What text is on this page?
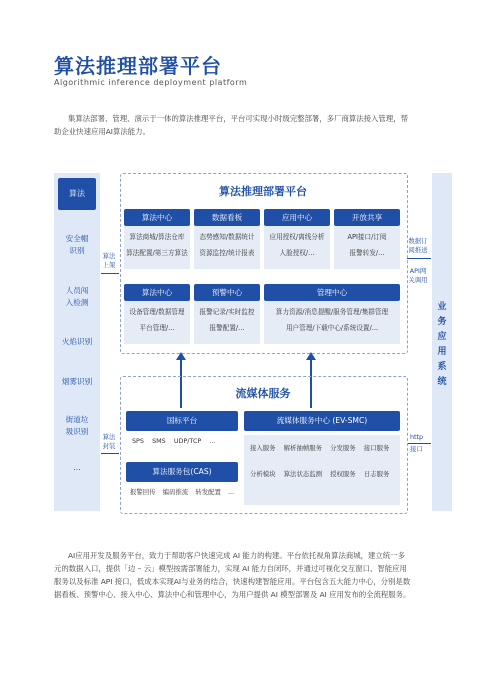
算法推理部署平台
Algorithmic inference deployment platform
集算法部署、管理、演示于一体的算法推理平台，平台可实现小时级完整部署，多厂商算法接入管理，帮
助企业快速应用AI算法能力。
算法
安全帽识别
人员闯入检测
火焰识别
烟雾识别
街道垃圾识别
...
业务应用系统
算法上架
算法封装
数据订阅推送
API网关调用
http
接口
算法推理部署平台
算法中心
算法商城/算法仓库
算法配置/第三方算法
数据看板
态势感知/数据统计
资源监控/统计报表
应用中心
应用授权/离线分析
人脸授权/...
开放共享
API接口/订阅
报警转发/...
算法中心
设备管理/数据管理
平台管理/...
预警中心
报警记录/实时监控
报警配置/...
管理中心
算力资源/消息提醒/服务管理/集群管理
用户管理/下载中心/系统设置/...
流媒体服务
国标平台
SPS SMS UDP/TCP ...
算法服务包(CAS)
报警回传 编码推流 转发配置 ...
流媒体服务中心 (EV-SMC)
接入服务 解析抽帧服务 分发服务 接口服务
分析模块 算法状态监测 授权服务 日志服务
AI应用开发及服务平台，致力于帮助客户快速完成 AI 能力的构建。平台依托视角算法商城，建立统一多
元的数据入口，提供「边 – 云」模型按需部署能力，实现 AI 能力自闭环，并通过可视化交互窗口、智能应用
服务以及标准 API 接口，低成本实现AI与业务的结合，快速构建智能应用。平台包含五大能力中心，分别是数
据看板、预警中心、接入中心、算法中心和管理中心，为用户提供 AI 模型部署及 AI 应用发布的全流程服务。
